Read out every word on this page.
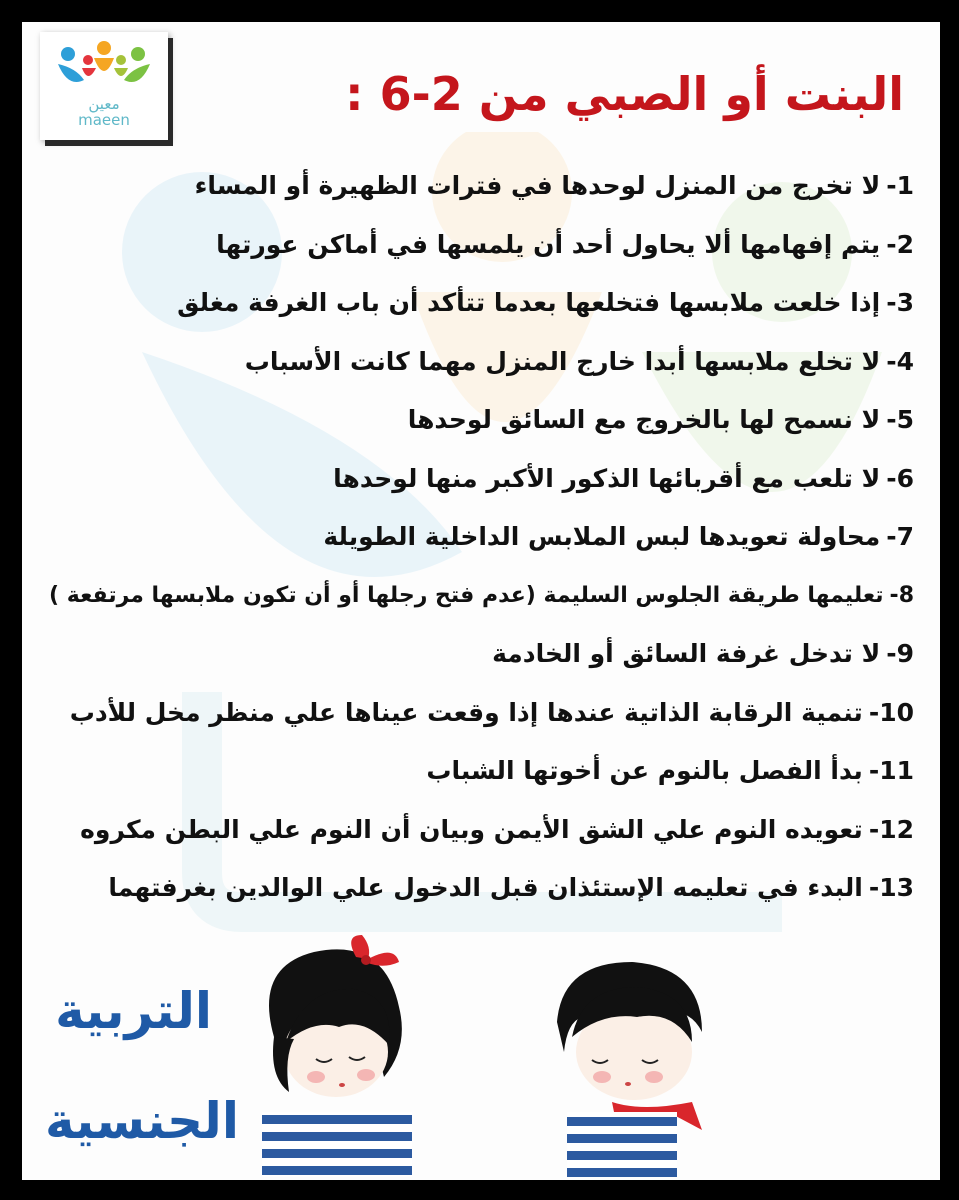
معين
maeen	البنت أو الصبي من 2-6 :
1-لا تخرج من المنزل لوحدها في فترات الظهيرة أو المساء
2-يتم إفهامها ألا يحاول أحد أن يلمسها في أماكن عورتها
3-إذا خلعت ملابسها فتخلعها بعدما تتأكد أن باب الغرفة مغلق
4-لا تخلع ملابسها أبدا خارج المنزل مهما كانت الأسباب
5-لا نسمح لها بالخروج مع السائق لوحدها
6-لا تلعب مع أقربائها الذكور الأكبر منها لوحدها
7-محاولة تعويدها لبس الملابس الداخلية الطويلة
8-تعليمها طريقة الجلوس السليمة (عدم فتح رجلها أو أن تكون ملابسها مرتفعة )
9-لا تدخل غرفة السائق أو الخادمة
10-تنمية الرقابة الذاتية عندها إذا وقعت عيناها علي منظر مخل للأدب
11-بدأ الفصل بالنوم عن أخوتها الشباب
12-تعويده النوم علي الشق الأيمن وبيان أن النوم علي البطن مكروه
13-البدء في تعليمه الإستئذان قبل الدخول علي الوالدين بغرفتهما
التربية
الجنسية
